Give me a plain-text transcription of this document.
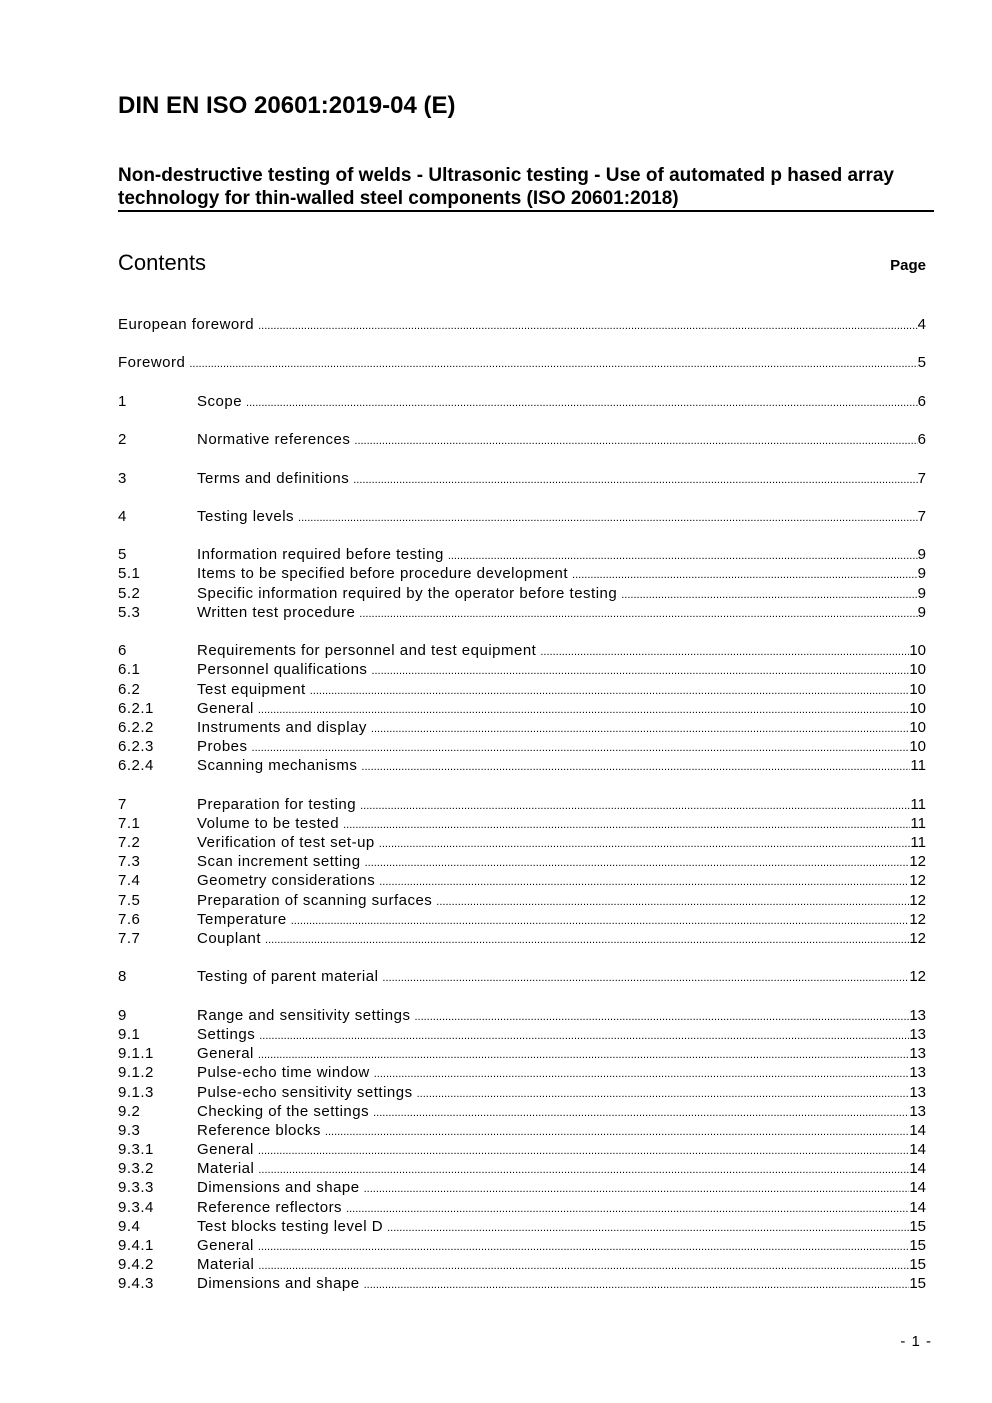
DIN EN ISO 20601:2019-04 (E)
Non-destructive testing of welds - Ultrasonic testing - Use of automated p hased array technology for thin-walled steel components (ISO 20601:2018)
Contents	Page
European foreword .....	4
Foreword .....	5
1	Scope .....	6
2	Normative references .....	6
3	Terms and definitions .....	7
4	Testing levels .....	7
5	Information required before testing .....	9
5.1	Items to be specified before procedure development .....	9
5.2	Specific information required by the operator before testing .....	9
5.3	Written test procedure .....	9
6	Requirements for personnel and test equipment .....	10
6.1	Personnel qualifications .....	10
6.2	Test equipment .....	10
6.2.1	General .....	10
6.2.2	Instruments and display .....	10
6.2.3	Probes .....	10
6.2.4	Scanning mechanisms .....	11
7	Preparation for testing .....	11
7.1	Volume to be tested .....	11
7.2	Verification of test set-up .....	11
7.3	Scan increment setting .....	12
7.4	Geometry considerations .....	12
7.5	Preparation of scanning surfaces .....	12
7.6	Temperature .....	12
7.7	Couplant .....	12
8	Testing of parent material .....	12
9	Range and sensitivity settings .....	13
9.1	Settings .....	13
9.1.1	General .....	13
9.1.2	Pulse-echo time window .....	13
9.1.3	Pulse-echo sensitivity settings .....	13
9.2	Checking of the settings .....	13
9.3	Reference blocks .....	14
9.3.1	General .....	14
9.3.2	Material .....	14
9.3.3	Dimensions and shape .....	14
9.3.4	Reference reflectors .....	14
9.4	Test blocks testing level D .....	15
9.4.1	General .....	15
9.4.2	Material .....	15
9.4.3	Dimensions and shape .....	15
- 1 -
